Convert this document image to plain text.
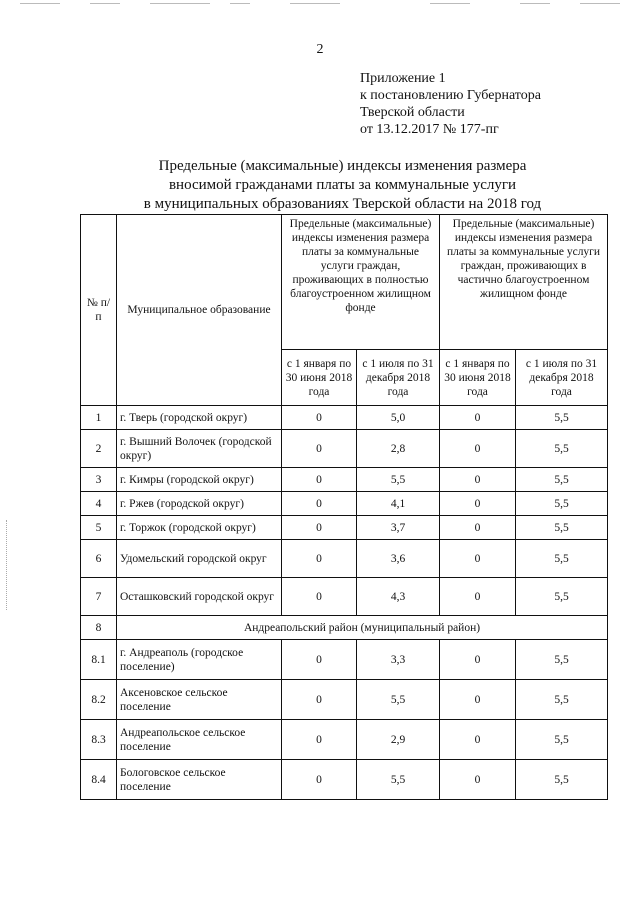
2
Приложение 1
к постановлению Губернатора
Тверской области
от 13.12.2017 № 177-пг
Предельные (максимальные) индексы изменения размера
вносимой гражданами платы за коммунальные услуги
в муниципальных образованиях Тверской области на 2018 год
№ п/п	Муниципальное образование	Предельные (максимальные) индексы изменения размера платы за коммунальные услуги граждан, проживающих в полностью благоустроенном жилищном фонде		Предельные (максимальные) индексы изменения размера платы за коммунальные услуги граждан, проживающих в частично благоустроенном жилищном фонде	
		с 1 января по 30 июня 2018 года	с 1 июля по 31 декабря 2018 года	с 1 января по 30 июня 2018 года	с 1 июля по 31 декабря 2018 года
1	г. Тверь (городской округ)	0	5,0	0	5,5
2	г. Вышний Волочек (городской округ)	0	2,8	0	5,5
3	г. Кимры (городской округ)	0	5,5	0	5,5
4	г. Ржев (городской округ)	0	4,1	0	5,5
5	г. Торжок (городской округ)	0	3,7	0	5,5
6	Удомельский городской округ	0	3,6	0	5,5
7	Осташковский городской округ	0	4,3	0	5,5
8	Андреапольский район (муниципальный район)				
8.1	г. Андреаполь (городское поселение)	0	3,3	0	5,5
8.2	Аксеновское сельское поселение	0	5,5	0	5,5
8.3	Андреапольское сельское поселение	0	2,9	0	5,5
8.4	Бологовское сельское поселение	0	5,5	0	5,5
